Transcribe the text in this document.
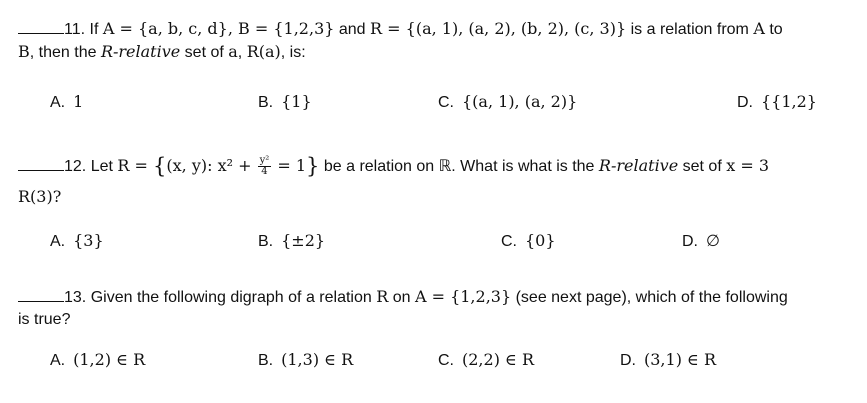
11. If A = {a, b, c, d}, B = {1,2,3} and R = {(a, 1), (a, 2), (b, 2), (c, 3)} is a relation from A to
B, then the R-relative set of a, R(a), is:
A. 1	B. {1}	C. {(a, 1), (a, 2)}	D. {{1,2}
12. Let R = {(x, y): $x^2 + \frac{\text{y²}}{4} = 1$} be a relation on ℝ. What is what is the R-relative set of x = 3
R(3)?
A. {3}	B. {±2}	C. {0}	D. ∅
13. Given the following digraph of a relation R on A = {1,2,3} (see next page), which of the following
is true?
A. (1,2) ∈ R	B. (1,3) ∈ R	C. (2,2) ∈ R	D. (3,1) ∈ R
